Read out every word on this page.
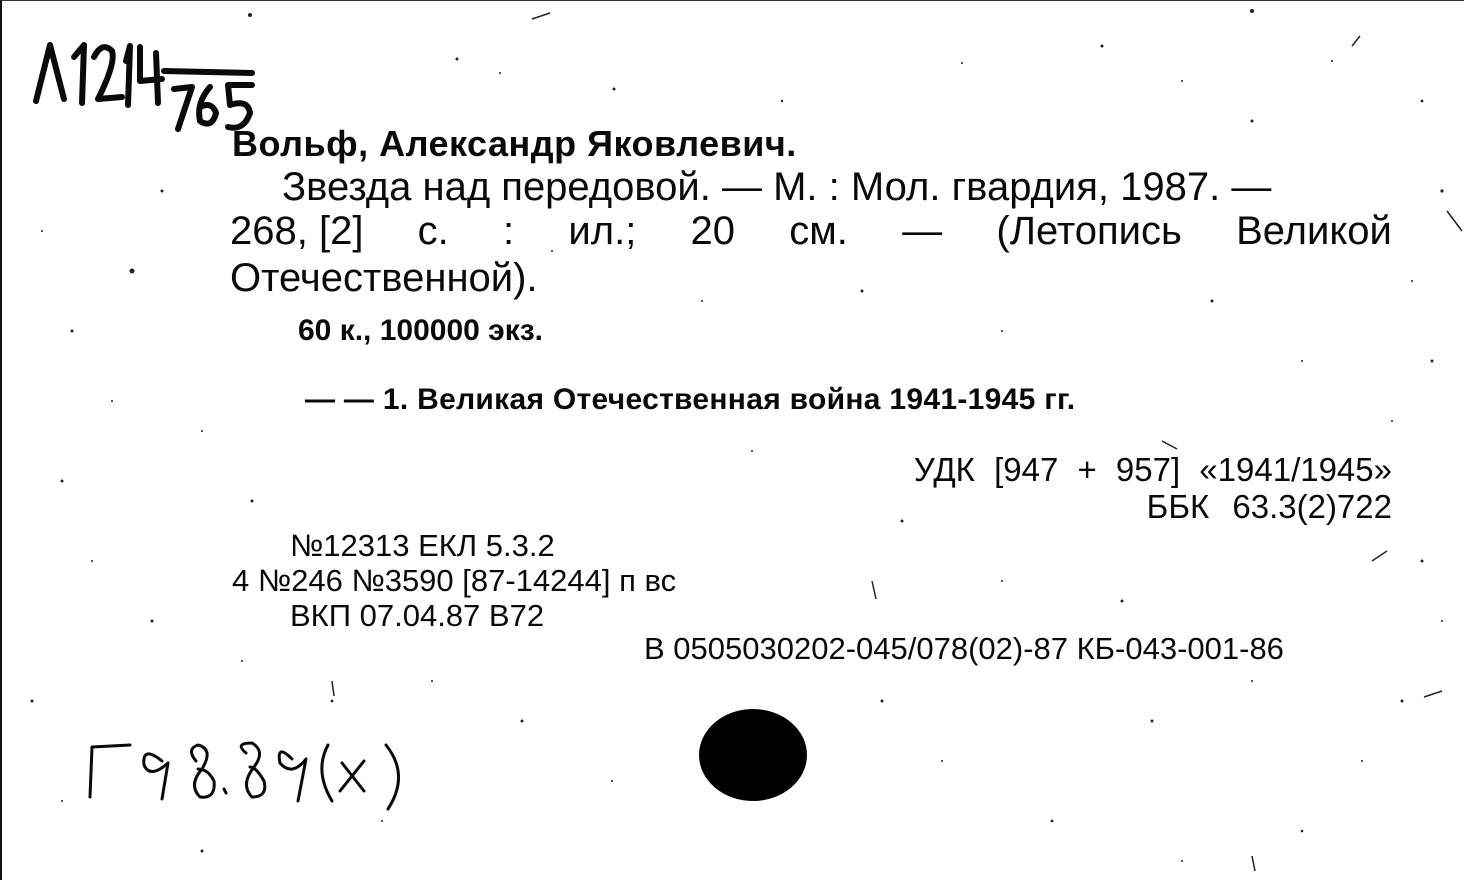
Вольф, Александр Яковлевич.
Звезда над передовой. — М. : Мол. гвардия, 1987. —
268, [2] с. : ил.; 20 см. — (Летопись Великой
Отечественной).
60 к., 100000 экз.
— — 1. Великая Отечественная война 1941-1945 гг.
УДК [947 + 957] «1941/1945»
ББК 63.3(2)722
№12313 ЕКЛ 5.3.2
4 №246 №3590 [87-14244] п вс
ВКП 07.04.87 В72
В 0505030202-045/078(02)-87 КБ-043-001-86
